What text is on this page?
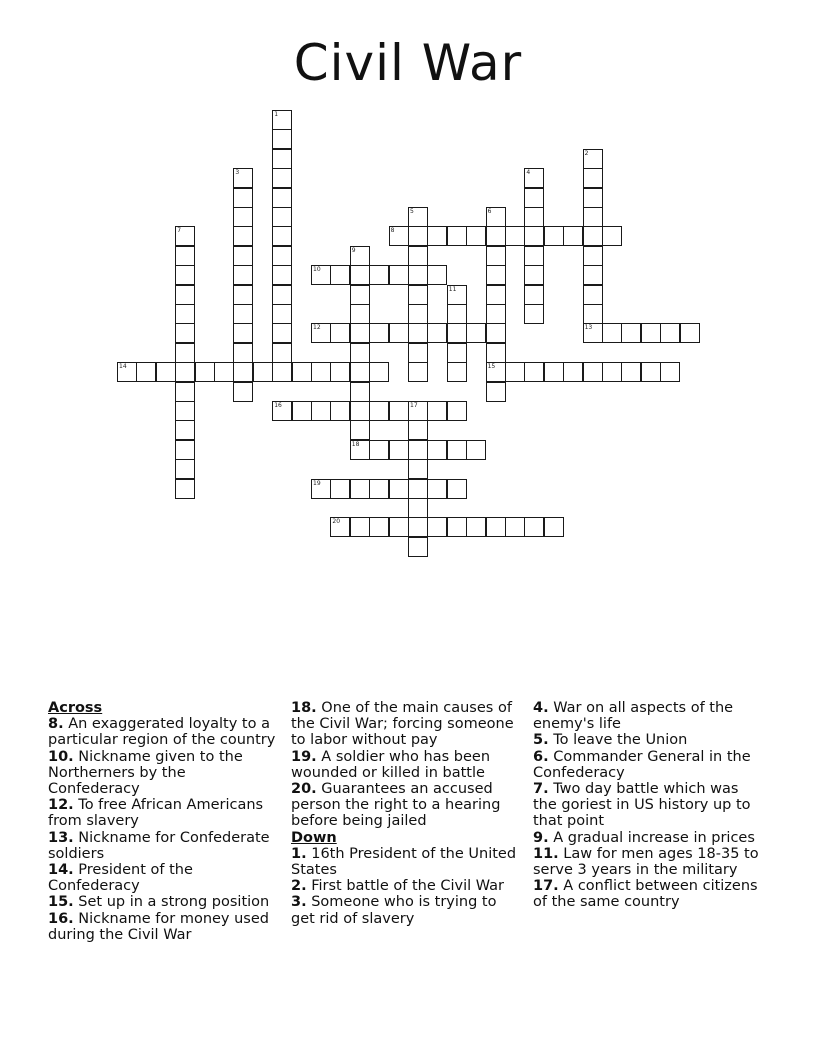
Civil War
8
10
12	13
14	15
16	17
18
19
20
1
2
3	4
5	6
7
9
11
Across
8. An exaggerated loyalty to a particular region of the country
10. Nickname given to the Northerners by the Confederacy
12. To free African Americans from slavery
13. Nickname for Confederate soldiers
14. President of the Confederacy
15. Set up in a strong position
16. Nickname for money used during the Civil War
18. One of the main causes of the Civil War; forcing someone to labor without pay
19. A soldier who has been wounded or killed in battle
20. Guarantees an accused person the right to a hearing before being jailed
Down
1. 16th President of the United States
2. First battle of the Civil War
3. Someone who is trying to get rid of slavery
4. War on all aspects of the enemy's life
5. To leave the Union
6. Commander General in the Confederacy
7. Two day battle which was the goriest in US history up to that point
9. A gradual increase in prices
11. Law for men ages 18-35 to serve 3 years in the military
17. A conflict between citizens of the same country
